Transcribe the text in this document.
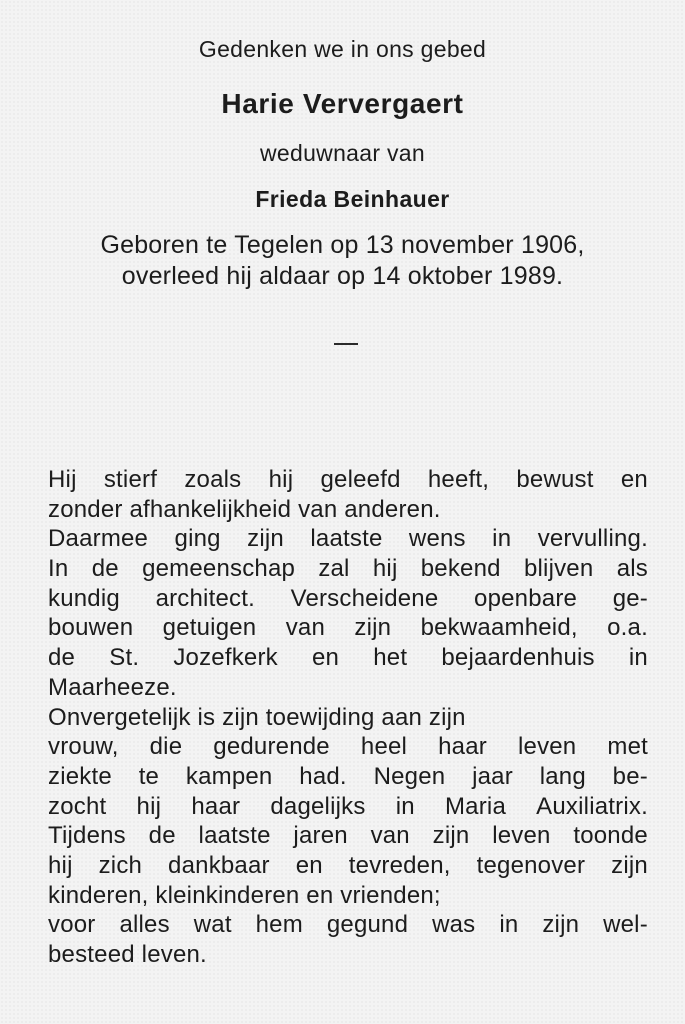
Gedenken we in ons gebed
Harie Ververgaert
weduwnaar van
Frieda Beinhauer
Geboren te Tegelen op 13 november 1906,
overleed hij aldaar op 14 oktober 1989.
Hij stierf zoals hij geleefd heeft, bewust en
zonder afhankelijkheid van anderen.
Daarmee ging zijn laatste wens in vervulling.
In de gemeenschap zal hij bekend blijven als
kundig architect. Verscheidene openbare ge-
bouwen getuigen van zijn bekwaamheid, o.a.
de St. Jozefkerk en het bejaardenhuis in
Maarheeze.
Onvergetelijk is zijn toewijding aan zijn
vrouw, die gedurende heel haar leven met
ziekte te kampen had. Negen jaar lang be-
zocht hij haar dagelijks in Maria Auxiliatrix.
Tijdens de laatste jaren van zijn leven toonde
hij zich dankbaar en tevreden, tegenover zijn
kinderen, kleinkinderen en vrienden;
voor alles wat hem gegund was in zijn wel-
besteed leven.
